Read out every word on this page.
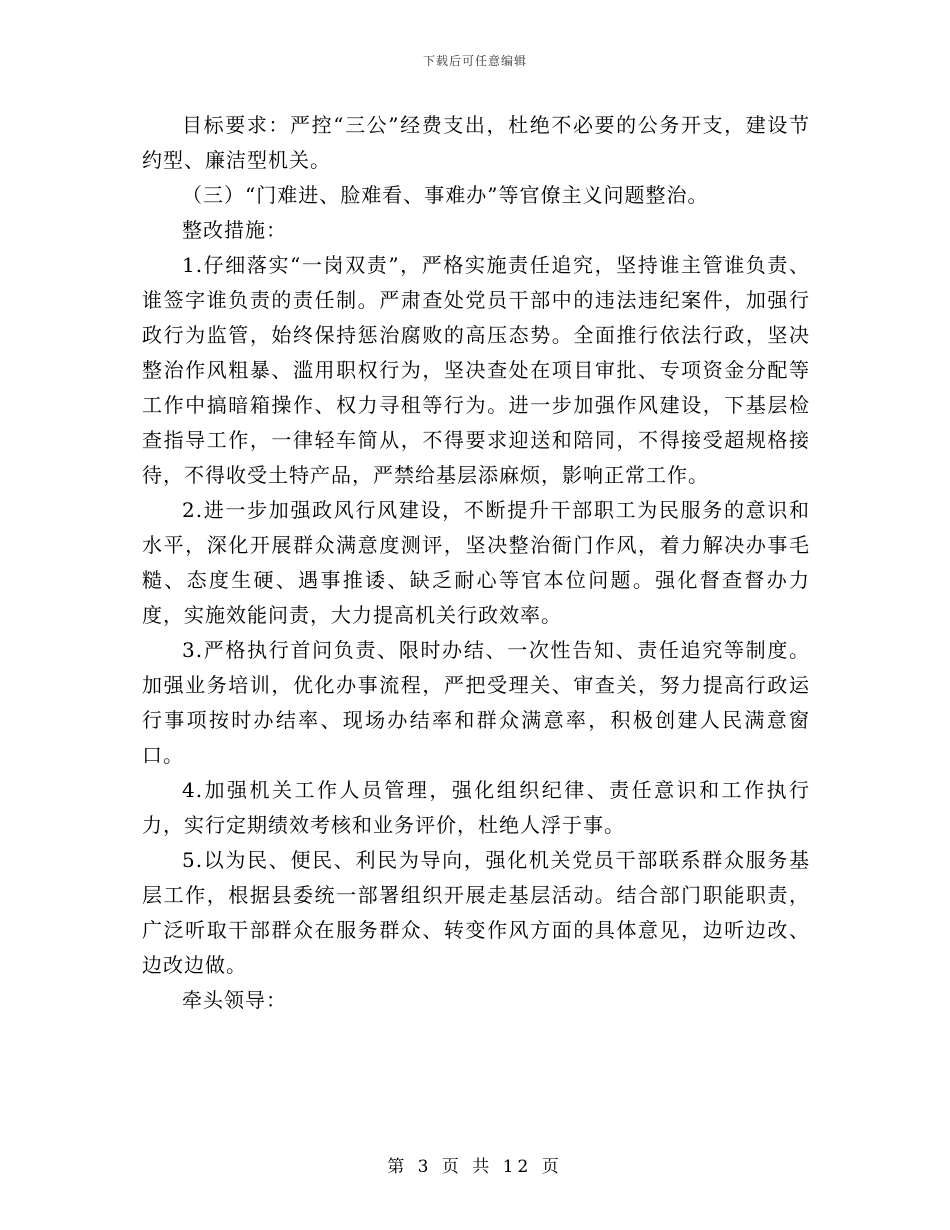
下载后可任意编辑

目标要求：严控“三公”经费支出，杜绝不必要的公务开支，建设节约型、廉洁型机关。

（三）“门难进、脸难看、事难办”等官僚主义问题整治。

整改措施：

1.仔细落实“一岗双责”，严格实施责任追究，坚持谁主管谁负责、谁签字谁负责的责任制。严肃查处党员干部中的违法违纪案件，加强行政行为监管，始终保持惩治腐败的高压态势。全面推行依法行政，坚决整治作风粗暴、滥用职权行为，坚决查处在项目审批、专项资金分配等工作中搞暗箱操作、权力寻租等行为。进一步加强作风建设，下基层检查指导工作，一律轻车简从，不得要求迎送和陪同，不得接受超规格接待，不得收受土特产品，严禁给基层添麻烦，影响正常工作。

2.进一步加强政风行风建设，不断提升干部职工为民服务的意识和水平，深化开展群众满意度测评，坚决整治衙门作风，着力解决办事毛糙、态度生硬、遇事推诿、缺乏耐心等官本位问题。强化督查督办力度，实施效能问责，大力提高机关行政效率。

3.严格执行首问负责、限时办结、一次性告知、责任追究等制度。加强业务培训，优化办事流程，严把受理关、审查关，努力提高行政运行事项按时办结率、现场办结率和群众满意率，积极创建人民满意窗口。

4.加强机关工作人员管理，强化组织纪律、责任意识和工作执行力，实行定期绩效考核和业务评价，杜绝人浮于事。

5.以为民、便民、利民为导向，强化机关党员干部联系群众服务基层工作，根据县委统一部署组织开展走基层活动。结合部门职能职责，广泛听取干部群众在服务群众、转变作风方面的具体意见，边听边改、边改边做。

牵头领导：

第 3 页 共 12 页
